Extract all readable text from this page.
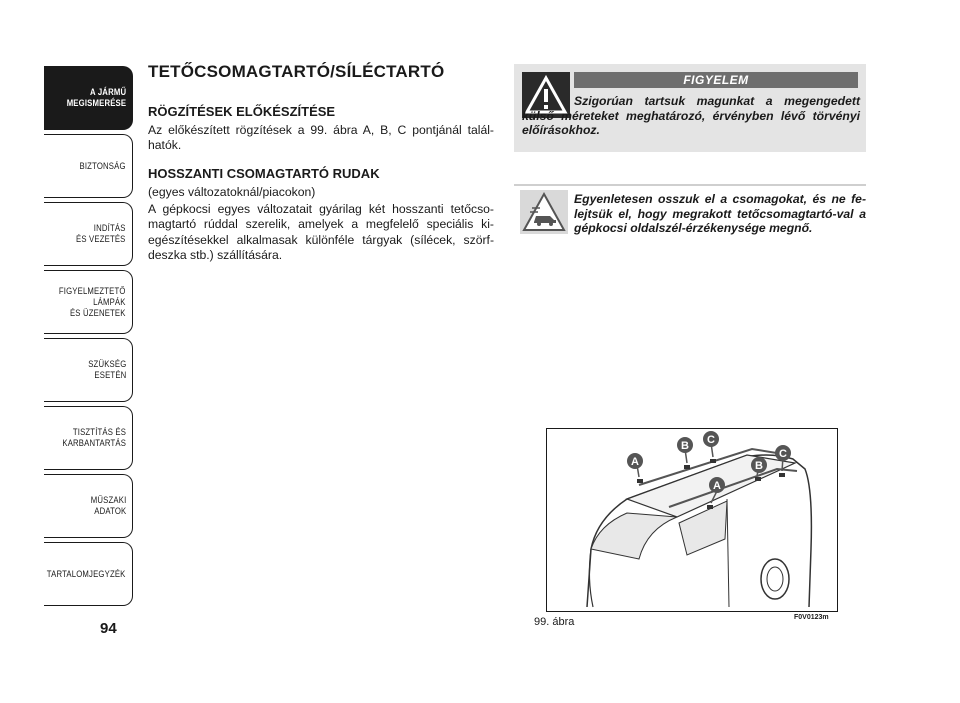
A JÁRMŰ
MEGISMERÉSE
BIZTONSÁG
INDÍTÁS
ÉS VEZETÉS
FIGYELMEZTETŐ
LÁMPÁK
ÉS ÜZENETEK
SZÜKSÉG
ESETÉN
TISZTÍTÁS ÉS
KARBANTARTÁS
MŰSZAKI
ADATOK
TARTALOMJEGYZÉK
94
TETŐCSOMAGTARTÓ/SÍLÉCTARTÓ
RÖGZÍTÉSEK ELŐKÉSZÍTÉSE
Az előkészített rögzítések a 99. ábra A, B, C pontjánál talál-hatók.
HOSSZANTI CSOMAGTARTÓ RUDAK
(egyes változatoknál/piacokon)
A gépkocsi egyes változatait gyárilag két hosszanti tetőcso-magtartó rúddal szerelik, amelyek a megfelelő speciális ki-egészítésekkel alkalmasak különféle tárgyak (sílécek, szörf-deszka stb.) szállítására.
FIGYELEM
Szigorúan tartsuk magunkat a megengedett külső méreteket meghatározó, érvényben lévő törvényi előírásokhoz.
Egyenletesen osszuk el a csomagokat, és ne fe-lejtsük el, hogy megrakott tetőcsomagtartó-val a gépkocsi oldalszél-érzékenysége megnő.
A
B C
B
C
A
99. ábra	F0V0123m
